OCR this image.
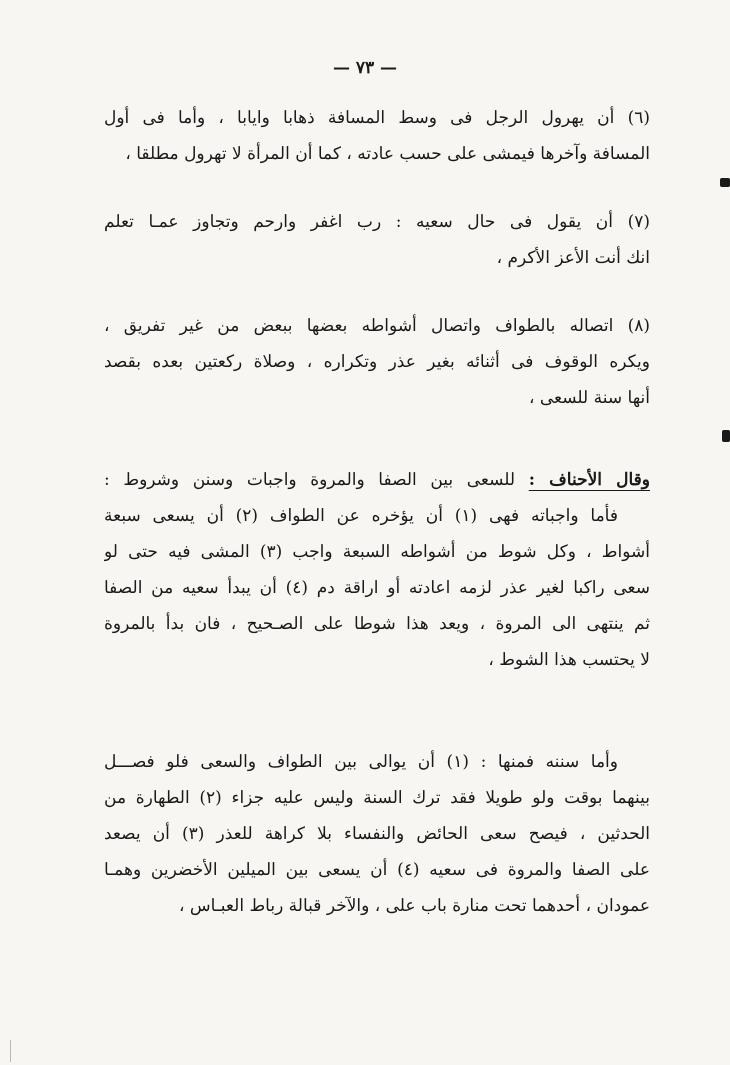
— ٧٣ —
(٦) أن يهرول الرجل فى وسط المسافة ذهابا وايابا ، وأما فى أول
المسافة وآخرها فيمشى على حسب عادته ، كما أن المرأة لا تهرول مطلقا ،
(٧) أن يقول فى حال سعيه : رب اغفر وارحم وتجاوز عمـا تعلم
انك أنت الأعز الأكرم ،
(٨) اتصاله بالطواف واتصال أشواطه بعضها ببعض من غير تفريق ،
ويكره الوقوف فى أثنائه بغير عذر وتكراره ، وصلاة ركعتين بعده بقصد
أنها سنة للسعى ،
وقال الأحناف : للسعى بين الصفا والمروة واجبات وسنن وشروط :
فأما واجباته فهى (١) أن يؤخره عن الطواف (٢) أن يسعى سبعة
أشواط ، وكل شوط من أشواطه السبعة واجب (٣) المشى فيه حتى لو
سعى راكبا لغير عذر لزمه اعادته أو اراقة دم (٤) أن يبدأ سعيه من الصفا
ثم ينتهى الى المروة ، ويعد هذا شوطا على الصـحيح ، فان بدأ بالمروة
لا يحتسب هذا الشوط ،
وأما سننه فمنها : (١) أن يوالى بين الطواف والسعى فلو فصـــل
بينهما بوقت ولو طويلا فقد ترك السنة وليس عليه جزاء (٢) الطهارة من
الحدثين ، فيصح سعى الحائض والنفساء بلا كراهة للعذر (٣) أن يصعد
على الصفا والمروة فى سعيه (٤) أن يسعى بين الميلين الأخضرين وهمـا
عمودان ، أحدهما تحت منارة باب على ، والآخر قبالة رباط العبـاس ،
